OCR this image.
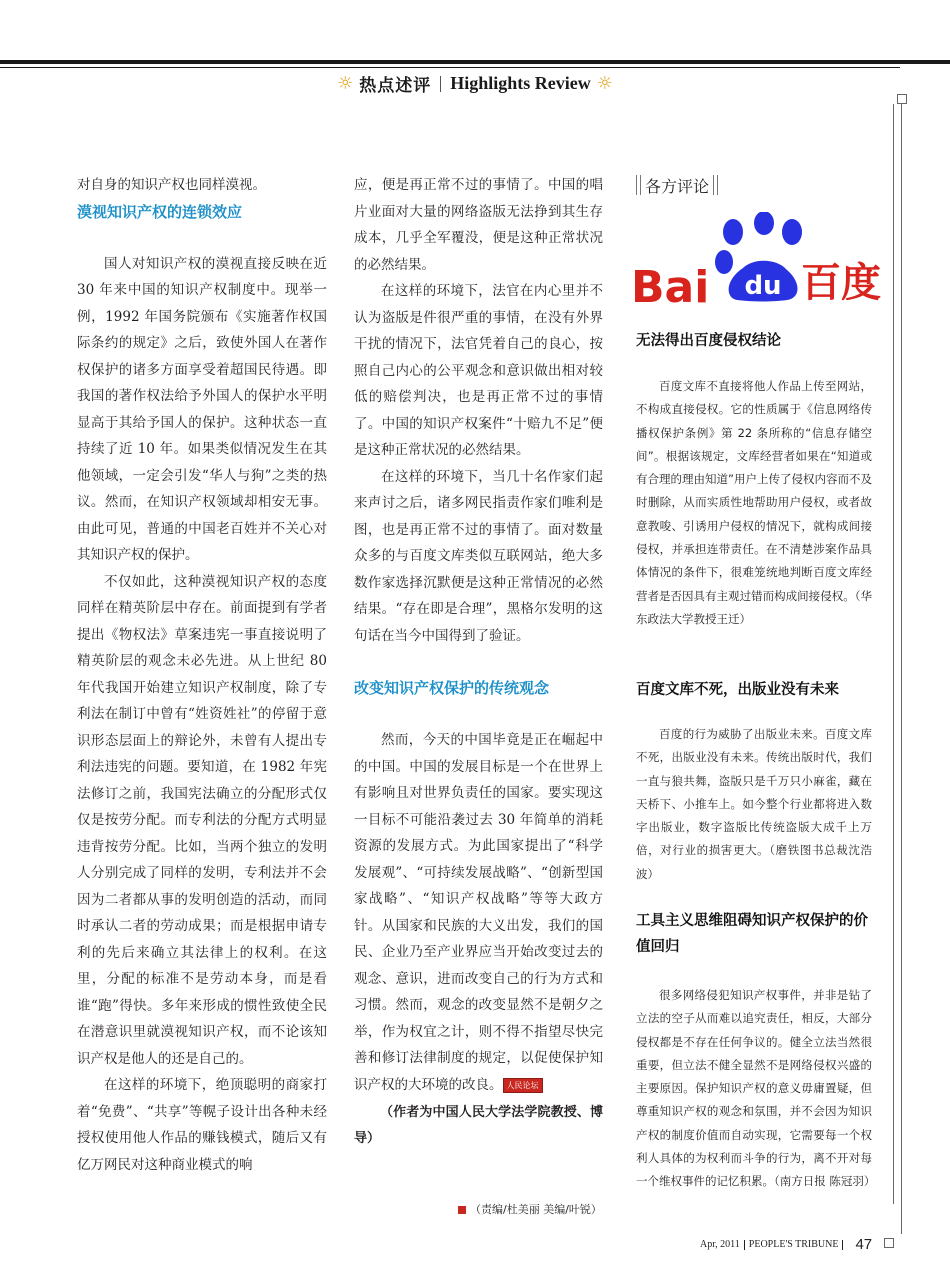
☼ 热点述评 Highlights Review ☼

对自身的知识产权也同样漠视。

漠视知识产权的连锁效应

国人对知识产权的漠视直接反映在近 30 年来中国的知识产权制度中。现举一例，1992 年国务院颁布《实施著作权国际条约的规定》之后，致使外国人在著作权保护的诸多方面享受着超国民待遇。即我国的著作权法给予外国人的保护水平明显高于其给予国人的保护。这种状态一直持续了近 10 年。如果类似情况发生在其他领域，一定会引发“华人与狗”之类的热议。然而，在知识产权领域却相安无事。由此可见，普通的中国老百姓并不关心对其知识产权的保护。

不仅如此，这种漠视知识产权的态度同样在精英阶层中存在。前面提到有学者提出《物权法》草案违宪一事直接说明了精英阶层的观念未必先进。从上世纪 80 年代我国开始建立知识产权制度，除了专利法在制订中曾有“姓资姓社”的停留于意识形态层面上的辩论外，未曾有人提出专利法违宪的问题。要知道，在 1982 年宪法修订之前，我国宪法确立的分配形式仅仅是按劳分配。而专利法的分配方式明显违背按劳分配。比如，当两个独立的发明人分别完成了同样的发明，专利法并不会因为二者都从事的发明创造的活动，而同时承认二者的劳动成果；而是根据申请专利的先后来确立其法律上的权利。在这里，分配的标准不是劳动本身，而是看谁“跑”得快。多年来形成的惯性致使全民在潜意识里就漠视知识产权，而不论该知识产权是他人的还是自己的。

在这样的环境下，绝顶聪明的商家打着“免费”、“共享”等幌子设计出各种未经授权使用他人作品的赚钱模式，随后又有亿万网民对这种商业模式的响

应，便是再正常不过的事情了。中国的唱片业面对大量的网络盗版无法挣到其生存成本，几乎全军覆没，便是这种正常状况的必然结果。

在这样的环境下，法官在内心里并不认为盗版是件很严重的事情，在没有外界干扰的情况下，法官凭着自己的良心，按照自己内心的公平观念和意识做出相对较低的赔偿判决，也是再正常不过的事情了。中国的知识产权案件“十赔九不足”便是这种正常状况的必然结果。

在这样的环境下，当几十名作家们起来声讨之后，诸多网民指责作家们唯利是图，也是再正常不过的事情了。面对数量众多的与百度文库类似互联网站，绝大多数作家选择沉默便是这种正常情况的必然结果。“存在即是合理”，黑格尔发明的这句话在当今中国得到了验证。

改变知识产权保护的传统观念

然而，今天的中国毕竟是正在崛起中的中国。中国的发展目标是一个在世界上有影响且对世界负责任的国家。要实现这一目标不可能沿袭过去 30 年简单的消耗资源的发展方式。为此国家提出了“科学发展观”、“可持续发展战略”、“创新型国家战略”、“知识产权战略”等等大政方针。从国家和民族的大义出发，我们的国民、企业乃至产业界应当开始改变过去的观念、意识，进而改变自己的行为方式和习惯。然而，观念的改变显然不是朝夕之举，作为权宜之计，则不得不指望尽快完善和修订法律制度的规定，以促使保护知识产权的大环境的改良。 人民论坛

（作者为中国人民大学法学院教授、博导）

（责编/杜美丽 美编/叶锐）
各方评论
du
Bai 百度
无法得出百度侵权结论

百度文库不直接将他人作品上传至网站，不构成直接侵权。它的性质属于《信息网络传播权保护条例》第 22 条所称的“信息存储空间”。根据该规定，文库经营者如果在“知道或有合理的理由知道”用户上传了侵权内容而不及时删除，从而实质性地帮助用户侵权，或者故意教唆、引诱用户侵权的情况下，就构成间接侵权，并承担连带责任。在不清楚涉案作品具体情况的条件下，很难笼统地判断百度文库经营者是否因具有主观过错而构成间接侵权。（华东政法大学教授王迁）

百度文库不死，出版业没有未来

百度的行为威胁了出版业未来。百度文库不死，出版业没有未来。传统出版时代，我们一直与狼共舞，盗版只是千万只小麻雀，藏在天桥下、小推车上。如今整个行业都将进入数字出版业，数字盗版比传统盗版大成千上万倍，对行业的损害更大。（磨铁图书总裁沈浩波）

工具主义思维阻碍知识产权保护的价值回归

很多网络侵犯知识产权事件，并非是钻了立法的空子从而难以追究责任，相反，大部分侵权都是不存在任何争议的。健全立法当然很重要，但立法不健全显然不是网络侵权兴盛的主要原因。保护知识产权的意义毋庸置疑，但尊重知识产权的观念和氛围，并不会因为知识产权的制度价值而自动实现，它需要每一个权利人具体的为权利而斗争的行为，离不开对每一个维权事件的记忆积累。（南方日报 陈冠羽）

Apr, 2011 PEOPLE'S TRIBUNE 47
